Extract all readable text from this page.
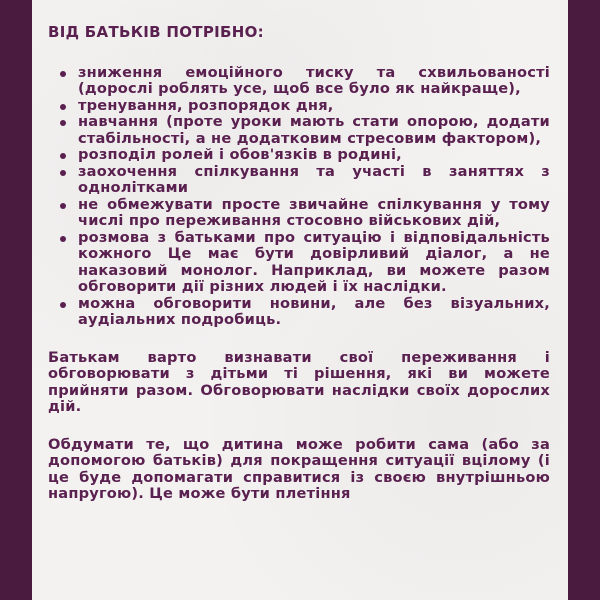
ВІД БАТЬКІВ ПОТРІБНО:
зниження емоційного тиску та схвильованості (дорослі роблять усе, щоб все було як найкраще),
тренування, розпорядок дня,
навчання (проте уроки мають стати опорою, додати стабільності, а не додатковим стресовим фактором),
розподіл ролей і обов'язків в родині,
заохочення спілкування та участі в заняттях з однолітками
не обмежувати просте звичайне спілкування у тому числі про переживання стосовно військових дій,
розмова з батьками про ситуацію і відповідальність кожного Це має бути довірливий діалог, а не наказовий монолог. Наприклад, ви можете разом обговорити дії різних людей і їх наслідки.
можна обговорити новини, але без візуальних, аудіальних подробиць.

Батькам варто визнавати свої переживання і обговорювати з дітьми ті рішення, які ви можете прийняти разом. Обговорювати наслідки своїх дорослих дій.

Обдумати те, що дитина може робити сама (або за допомогою батьків) для покращення ситуації вцілому (і це буде допомагати справитися із своєю внутрішньою напругою). Це може бути плетіння
